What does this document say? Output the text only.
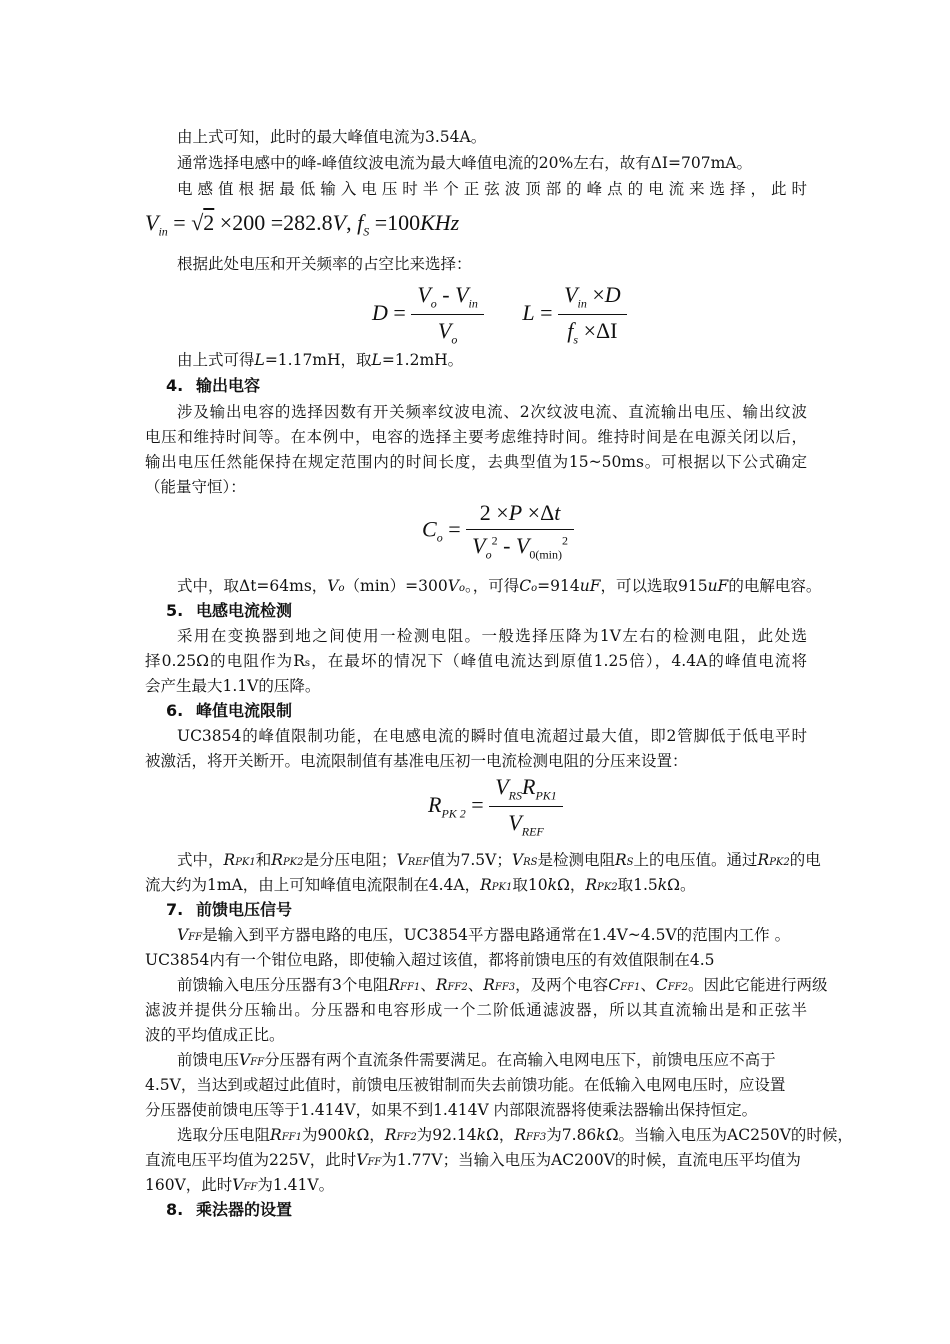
由上式可知，此时的最大峰值电流为3.54A。
通常选择电感中的峰-峰值纹波电流为最大峰值电流的20%左右，故有ΔI=707mA。
电感值根据最低输入电压时半个正弦波顶部的峰点的电流来选择，此时
$V_{in} = √2 \times 200 =282.8V$, $f_S =100KHz$
根据此处电压和开关频率的占空比来选择：
$D = \frac{V_o - V_{in}}{V_o}$ $L = \frac{V_{in} \times D}{f_s \times\Delta I}$
由上式可得L=1.17mH，取L=1.2mH。
4. 输出电容
涉及输出电容的选择因数有开关频率纹波电流、2次纹波电流、直流输出电压、输出纹波
电压和维持时间等。在本例中，电容的选择主要考虑维持时间。维持时间是在电源关闭以后，
输出电压任然能保持在规定范围内的时间长度，去典型值为15~50ms。可根据以下公式确定
（能量守恒）：
$C_o = \frac{2 \times P \times\Delta t}{V_o^2 - V_{0(min)}^2}$
式中，取Δt=64ms，Vo（min）=300Vo。，可得Co=914uF，可以选取915uF的电解电容。
5. 电感电流检测
采用在变换器到地之间使用一检测电阻。一般选择压降为1V左右的检测电阻，此处选
择0.25Ω的电阻作为Rs，在最坏的情况下（峰值电流达到原值1.25倍），4.4A的峰值电流将
会产生最大1.1V的压降。
6. 峰值电流限制
UC3854的峰值限制功能，在电感电流的瞬时值电流超过最大值，即2管脚低于低电平时
被激活，将开关断开。电流限制值有基准电压初一电流检测电阻的分压来设置：
$R_{PK 2} = \frac{V_{RS}R_{PK1}}{V_{REF}}$
式中，RPK1和RPK2是分压电阻；VREF值为7.5V；VRS是检测电阻RS上的电压值。通过RPK2的电
流大约为1mA，由上可知峰值电流限制在4.4A，RPK1取10kΩ，RPK2取1.5kΩ。
7. 前馈电压信号
VFF是输入到平方器电路的电压，UC3854平方器电路通常在1.4V~4.5V的范围内工作 。
UC3854内有一个钳位电路，即使输入超过该值，都将前馈电压的有效值限制在4.5
前馈输入电压分压器有3个电阻RFF1、RFF2、RFF3，及两个电容CFF1、CFF2。因此它能进行两级
滤波并提供分压输出。分压器和电容形成一个二阶低通滤波器，所以其直流输出是和正弦半
波的平均值成正比。
前馈电压VFF分压器有两个直流条件需要满足。在高输入电网电压下，前馈电压应不高于
4.5V，当达到或超过此值时，前馈电压被钳制而失去前馈功能。在低输入电网电压时，应设置
分压器使前馈电压等于1.414V，如果不到1.414V 内部限流器将使乘法器输出保持恒定。
选取分压电阻RFF1为900kΩ，RFF2为92.14kΩ，RFF3为7.86kΩ。当输入电压为AC250V的时候，
直流电压平均值为225V，此时VFF为1.77V；当输入电压为AC200V的时候，直流电压平均值为
160V，此时VFF为1.41V。
8. 乘法器的设置
